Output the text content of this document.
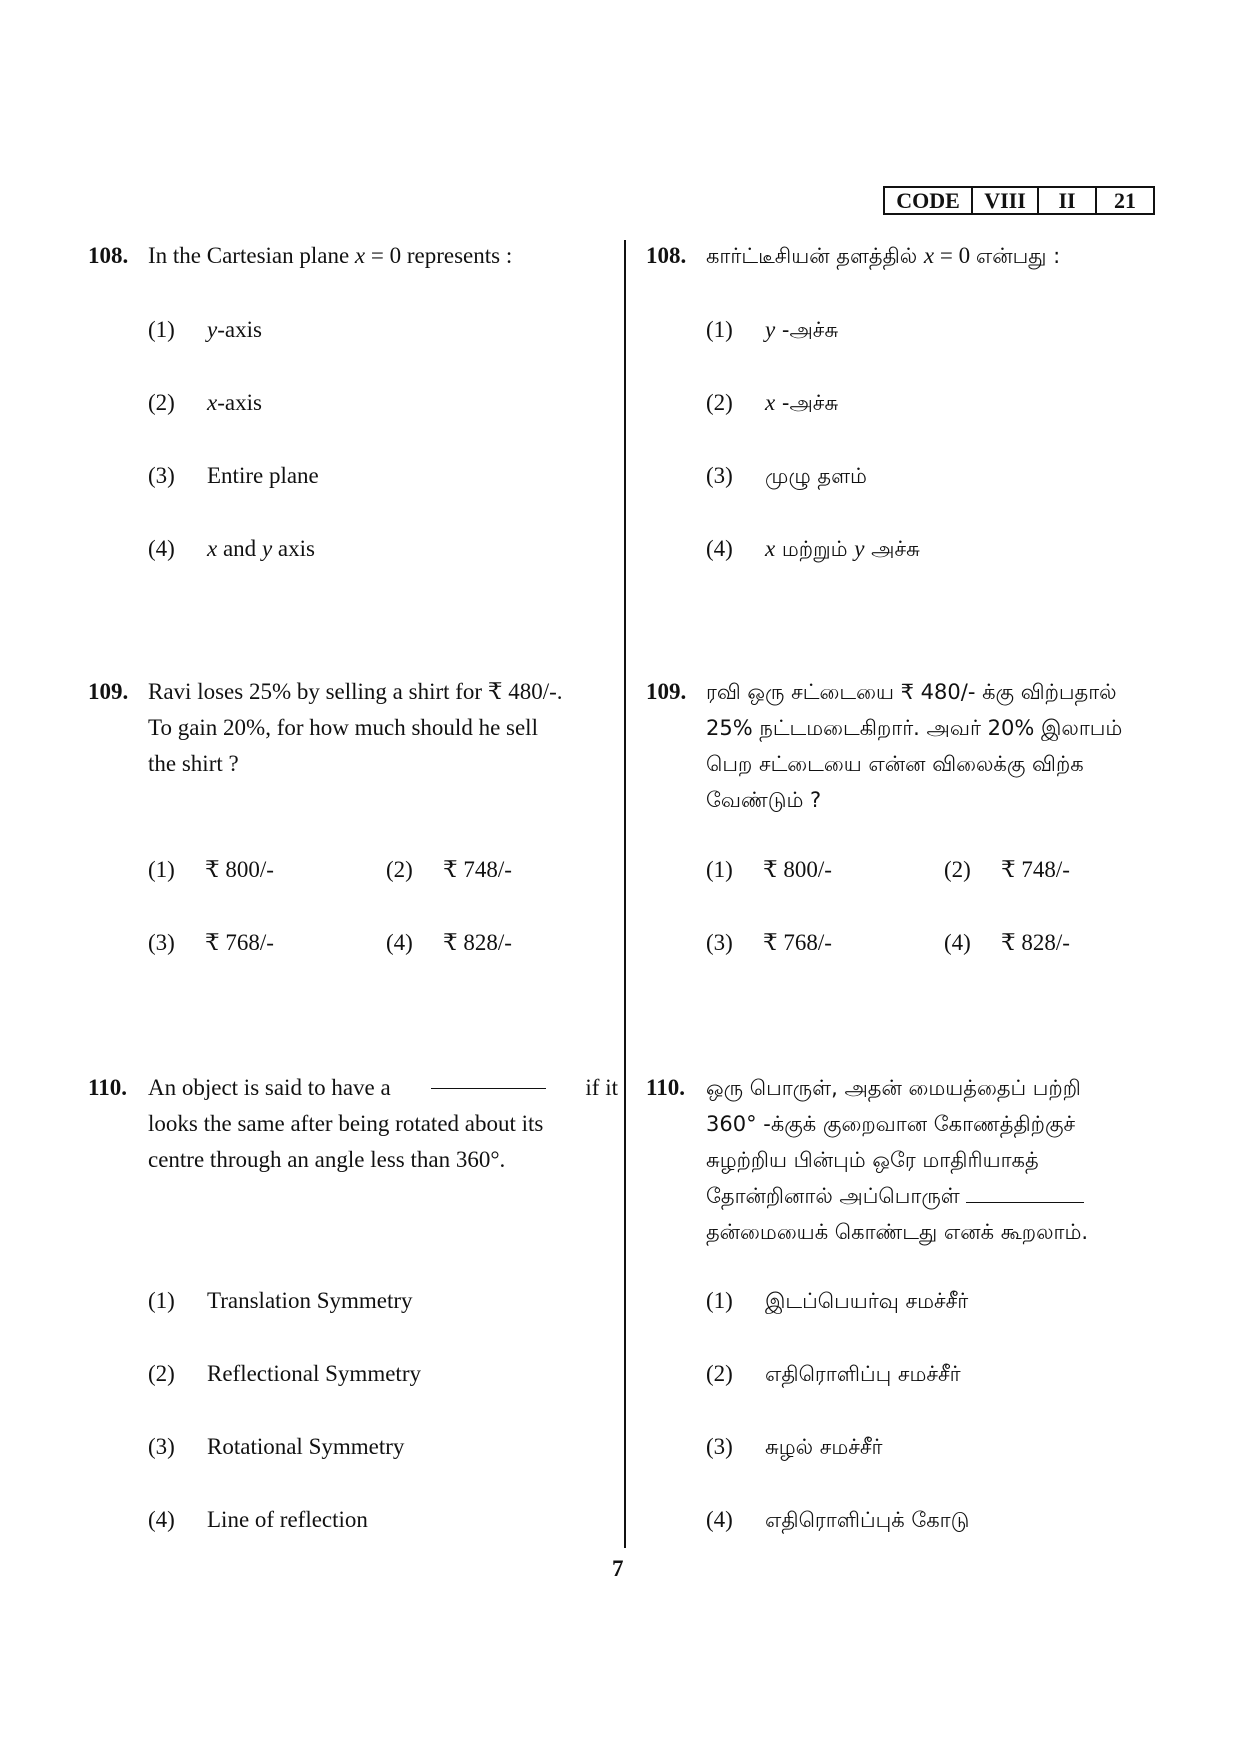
CODE	VIII	II	21
108. In the Cartesian plane x = 0 represents :
(1) y-axis
(2) x-axis
(3) Entire plane
(4) x and y axis
109. Ravi loses 25% by selling a shirt for ₹ 480/-.
To gain 20%, for how much should he sell
the shirt ?
(1) ₹ 800/-	(2) ₹ 748/-
(3) ₹ 768/-	(4) ₹ 828/-
110. An object is said to have a	if it
looks the same after being rotated about its
centre through an angle less than 360°.
(1) Translation Symmetry
(2) Reflectional Symmetry
(3) Rotational Symmetry
(4) Line of reflection
108. கார்ட்டீசியன் தளத்தில் x = 0 என்பது :
(1) y -அச்சு
(2) x -அச்சு
(3) முழு தளம்
(4) x மற்றும் y அச்சு
109. ரவி ஒரு சட்டையை ₹ 480/- க்கு விற்பதால்
25% நட்டமடைகிறார். அவர் 20% இலாபம்
பெற சட்டையை என்ன விலைக்கு விற்க
வேண்டும் ?
(1) ₹ 800/-	(2) ₹ 748/-
(3) ₹ 768/-	(4) ₹ 828/-
110. ஒரு பொருள், அதன் மையத்தைப் பற்றி
360° -க்குக் குறைவான கோணத்திற்குச்
சுழற்றிய பின்பும் ஒரே மாதிரியாகத்
தோன்றினால் அப்பொருள்
தன்மையைக் கொண்டது எனக் கூறலாம்.
(1) இடப்பெயர்வு சமச்சீர்
(2) எதிரொளிப்பு சமச்சீர்
(3) சுழல் சமச்சீர்
(4) எதிரொளிப்புக் கோடு
7
